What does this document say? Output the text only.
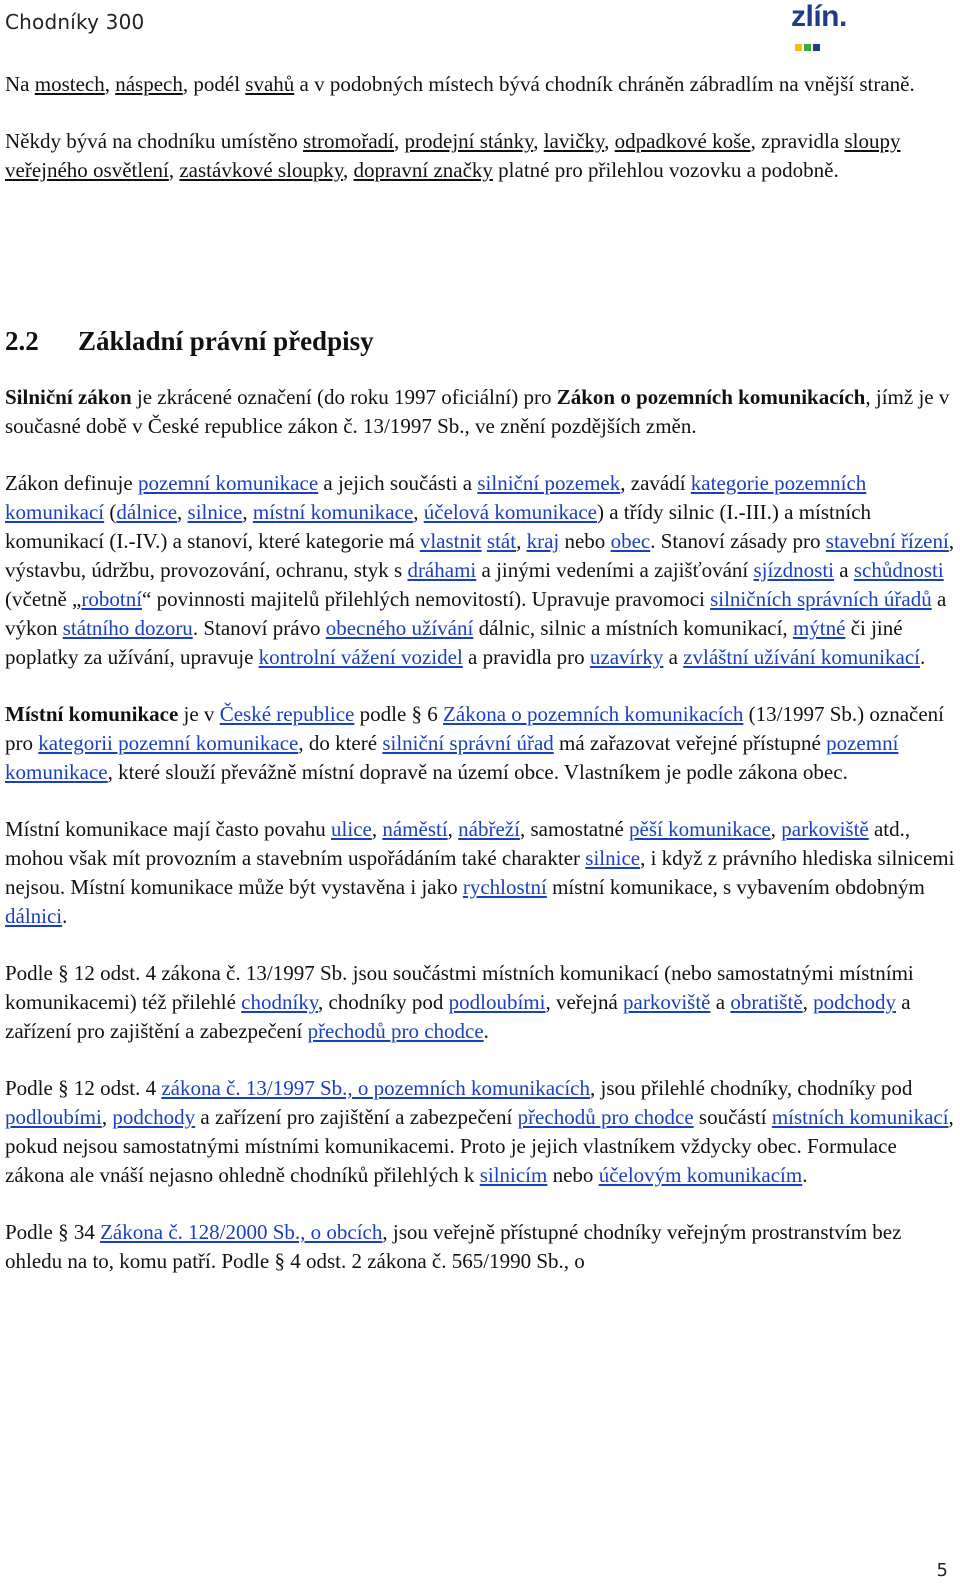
Chodníky 300	zlín.

Na mostech, náspech, podél svahů a v podobných místech bývá chodník chráněn zábradlím na vnější straně.

Někdy bývá na chodníku umístěno stromořadí, prodejní stánky, lavičky, odpadkové koše, zpravidla sloupy veřejného osvětlení, zastávkové sloupky, dopravní značky platné pro přilehlou vozovku a podobně.

2.2 Základní právní předpisy

Silniční zákon je zkrácené označení (do roku 1997 oficiální) pro Zákon o pozemních komunikacích, jímž je v současné době v České republice zákon č. 13/1997 Sb., ve znění pozdějších změn.

Zákon definuje pozemní komunikace a jejich součásti a silniční pozemek, zavádí kategorie pozemních komunikací (dálnice, silnice, místní komunikace, účelová komunikace) a třídy silnic (I.-III.) a místních komunikací (I.-IV.) a stanoví, které kategorie má vlastnit stát, kraj nebo obec. Stanoví zásady pro stavební řízení, výstavbu, údržbu, provozování, ochranu, styk s dráhami a jinými vedeními a zajišťování sjízdnosti a schůdnosti (včetně „robotní“ povinnosti majitelů přilehlých nemovitostí). Upravuje pravomoci silničních správních úřadů a výkon státního dozoru. Stanoví právo obecného užívání dálnic, silnic a místních komunikací, mýtné či jiné poplatky za užívání, upravuje kontrolní vážení vozidel a pravidla pro uzavírky a zvláštní užívání komunikací.

Místní komunikace je v České republice podle § 6 Zákona o pozemních komunikacích (13/1997 Sb.) označení pro kategorii pozemní komunikace, do které silniční správní úřad má zařazovat veřejné přístupné pozemní komunikace, které slouží převážně místní dopravě na území obce. Vlastníkem je podle zákona obec.

Místní komunikace mají často povahu ulice, náměstí, nábřeží, samostatné pěší komunikace, parkoviště atd., mohou však mít provozním a stavebním uspořádáním také charakter silnice, i když z právního hlediska silnicemi nejsou. Místní komunikace může být vystavěna i jako rychlostní místní komunikace, s vybavením obdobným dálnici.

Podle § 12 odst. 4 zákona č. 13/1997 Sb. jsou součástmi místních komunikací (nebo samostatnými místními komunikacemi) též přilehlé chodníky, chodníky pod podloubími, veřejná parkoviště a obratiště, podchody a zařízení pro zajištění a zabezpečení přechodů pro chodce.

Podle § 12 odst. 4 zákona č. 13/1997 Sb., o pozemních komunikacích, jsou přilehlé chodníky, chodníky pod podloubími, podchody a zařízení pro zajištění a zabezpečení přechodů pro chodce součástí místních komunikací, pokud nejsou samostatnými místními komunikacemi. Proto je jejich vlastníkem vždycky obec. Formulace zákona ale vnáší nejasno ohledně chodníků přilehlých k silnicím nebo účelovým komunikacím.

Podle § 34 Zákona č. 128/2000 Sb., o obcích, jsou veřejně přístupné chodníky veřejným prostranstvím bez ohledu na to, komu patří. Podle § 4 odst. 2 zákona č. 565/1990 Sb., o

5
